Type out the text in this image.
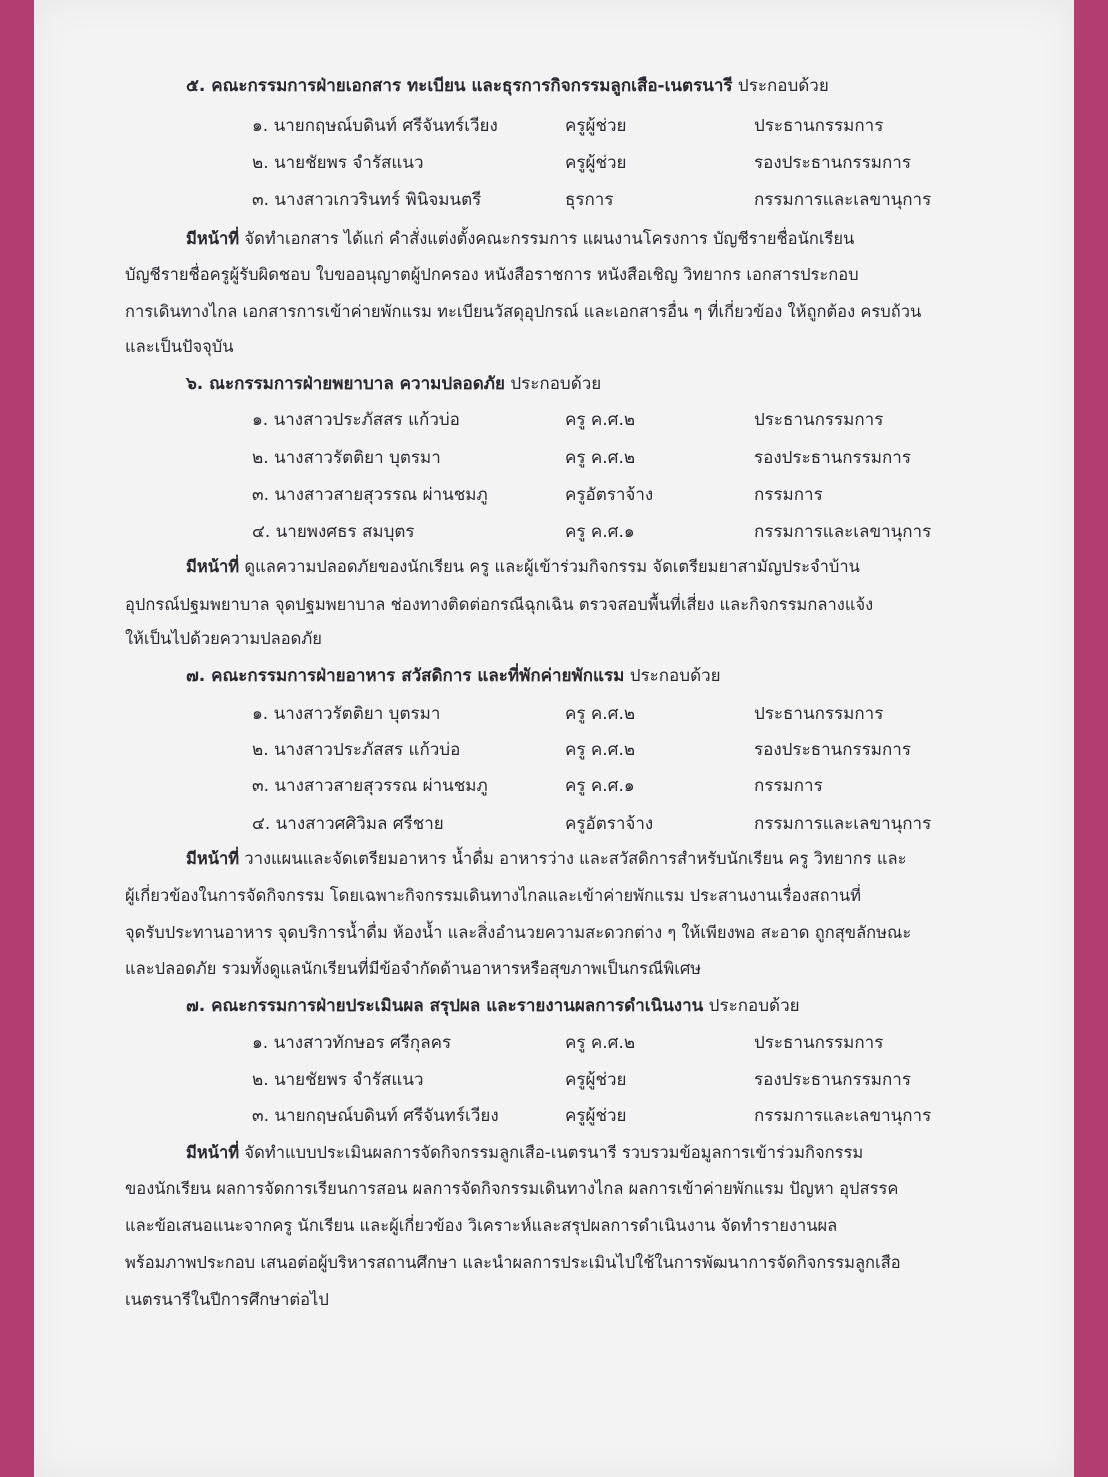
๕. คณะกรรมการฝ่ายเอกสาร ทะเบียน และธุรการกิจกรรมลูกเสือ-เนตรนารี ประกอบด้วย
๑. นายกฤษณ์บดินท์ ศรีจันทร์เวียง	ครูผู้ช่วย	ประธานกรรมการ
๒. นายชัยพร จำรัสแนว	ครูผู้ช่วย	รองประธานกรรมการ
๓. นางสาวเกวรินทร์ พินิจมนตรี	ธุรการ	กรรมการและเลขานุการ
มีหน้าที่ จัดทำเอกสาร ได้แก่ คำสั่งแต่งตั้งคณะกรรมการ แผนงานโครงการ บัญชีรายชื่อนักเรียน
บัญชีรายชื่อครูผู้รับผิดชอบ ใบขออนุญาตผู้ปกครอง หนังสือราชการ หนังสือเชิญ วิทยากร เอกสารประกอบ
การเดินทางไกล เอกสารการเข้าค่ายพักแรม ทะเบียนวัสดุอุปกรณ์ และเอกสารอื่น ๆ ที่เกี่ยวข้อง ให้ถูกต้อง ครบถ้วน
และเป็นปัจจุบัน
๖. ณะกรรมการฝ่ายพยาบาล ความปลอดภัย ประกอบด้วย
๑. นางสาวประภัสสร แก้วบ่อ	ครู ค.ศ.๒	ประธานกรรมการ
๒. นางสาวรัตติยา บุตรมา	ครู ค.ศ.๒	รองประธานกรรมการ
๓. นางสาวสายสุวรรณ ผ่านชมภู	ครูอัตราจ้าง	กรรมการ
๔. นายพงศธร สมบุตร	ครู ค.ศ.๑	กรรมการและเลขานุการ
มีหน้าที่ ดูแลความปลอดภัยของนักเรียน ครู และผู้เข้าร่วมกิจกรรม จัดเตรียมยาสามัญประจำบ้าน
อุปกรณ์ปฐมพยาบาล จุดปฐมพยาบาล ช่องทางติดต่อกรณีฉุกเฉิน ตรวจสอบพื้นที่เสี่ยง และกิจกรรมกลางแจ้ง
ให้เป็นไปด้วยความปลอดภัย
๗. คณะกรรมการฝ่ายอาหาร สวัสดิการ และที่พักค่ายพักแรม ประกอบด้วย
๑. นางสาวรัตติยา บุตรมา	ครู ค.ศ.๒	ประธานกรรมการ
๒. นางสาวประภัสสร แก้วบ่อ	ครู ค.ศ.๒	รองประธานกรรมการ
๓. นางสาวสายสุวรรณ ผ่านชมภู	ครู ค.ศ.๑	กรรมการ
๔. นางสาวศศิวิมล ศรีชาย	ครูอัตราจ้าง	กรรมการและเลขานุการ
มีหน้าที่ วางแผนและจัดเตรียมอาหาร น้ำดื่ม อาหารว่าง และสวัสดิการสำหรับนักเรียน ครู วิทยากร และ
ผู้เกี่ยวข้องในการจัดกิจกรรม โดยเฉพาะกิจกรรมเดินทางไกลและเข้าค่ายพักแรม ประสานงานเรื่องสถานที่
จุดรับประทานอาหาร จุดบริการน้ำดื่ม ห้องน้ำ และสิ่งอำนวยความสะดวกต่าง ๆ ให้เพียงพอ สะอาด ถูกสุขลักษณะ
และปลอดภัย รวมทั้งดูแลนักเรียนที่มีข้อจำกัดด้านอาหารหรือสุขภาพเป็นกรณีพิเศษ
๗. คณะกรรมการฝ่ายประเมินผล สรุปผล และรายงานผลการดำเนินงาน ประกอบด้วย
๑. นางสาวทักษอร ศรีกุลคร	ครู ค.ศ.๒	ประธานกรรมการ
๒. นายชัยพร จำรัสแนว	ครูผู้ช่วย	รองประธานกรรมการ
๓. นายกฤษณ์บดินท์ ศรีจันทร์เวียง	ครูผู้ช่วย	กรรมการและเลขานุการ
มีหน้าที่ จัดทำแบบประเมินผลการจัดกิจกรรมลูกเสือ-เนตรนารี รวบรวมข้อมูลการเข้าร่วมกิจกรรม
ของนักเรียน ผลการจัดการเรียนการสอน ผลการจัดกิจกรรมเดินทางไกล ผลการเข้าค่ายพักแรม ปัญหา อุปสรรค
และข้อเสนอแนะจากครู นักเรียน และผู้เกี่ยวข้อง วิเคราะห์และสรุปผลการดำเนินงาน จัดทำรายงานผล
พร้อมภาพประกอบ เสนอต่อผู้บริหารสถานศึกษา และนำผลการประเมินไปใช้ในการพัฒนาการจัดกิจกรรมลูกเสือ
เนตรนารีในปีการศึกษาต่อไป
